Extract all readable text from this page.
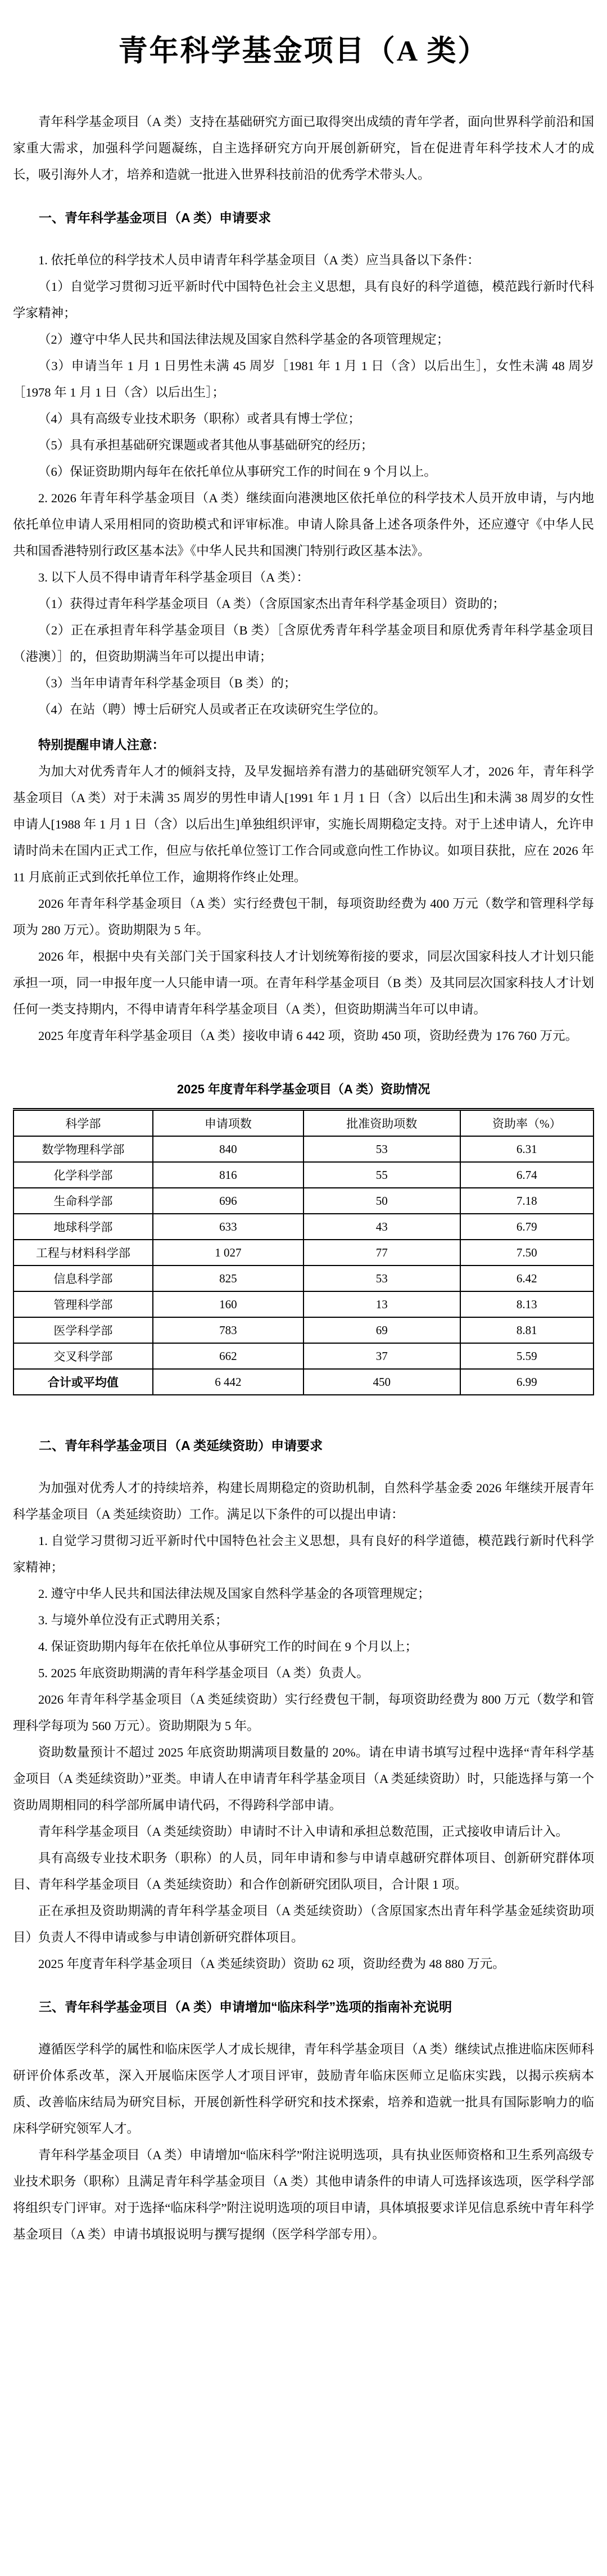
青年科学基金项目（A 类）

青年科学基金项目（A 类）支持在基础研究方面已取得突出成绩的青年学者，面向世界科学前沿和国家重大需求，加强科学问题凝练，自主选择研究方向开展创新研究，旨在促进青年科学技术人才的成长，吸引海外人才，培养和造就一批进入世界科技前沿的优秀学术带头人。

一、青年科学基金项目（A 类）申请要求

1. 依托单位的科学技术人员申请青年科学基金项目（A 类）应当具备以下条件：

（1）自觉学习贯彻习近平新时代中国特色社会主义思想，具有良好的科学道德，模范践行新时代科学家精神；

（2）遵守中华人民共和国法律法规及国家自然科学基金的各项管理规定；

（3）申请当年 1 月 1 日男性未满 45 周岁［1981 年 1 月 1 日（含）以后出生］，女性未满 48 周岁［1978 年 1 月 1 日（含）以后出生］；

（4）具有高级专业技术职务（职称）或者具有博士学位；

（5）具有承担基础研究课题或者其他从事基础研究的经历；

（6）保证资助期内每年在依托单位从事研究工作的时间在 9 个月以上。

2. 2026 年青年科学基金项目（A 类）继续面向港澳地区依托单位的科学技术人员开放申请，与内地依托单位申请人采用相同的资助模式和评审标准。申请人除具备上述各项条件外，还应遵守《中华人民共和国香港特别行政区基本法》《中华人民共和国澳门特别行政区基本法》。

3. 以下人员不得申请青年科学基金项目（A 类）：

（1）获得过青年科学基金项目（A 类）（含原国家杰出青年科学基金项目）资助的；

（2）正在承担青年科学基金项目（B 类）［含原优秀青年科学基金项目和原优秀青年科学基金项目（港澳）］的，但资助期满当年可以提出申请；

（3）当年申请青年科学基金项目（B 类）的；

（4）在站（聘）博士后研究人员或者正在攻读研究生学位的。

特别提醒申请人注意：

为加大对优秀青年人才的倾斜支持，及早发掘培养有潜力的基础研究领军人才，2026 年，青年科学基金项目（A 类）对于未满 35 周岁的男性申请人[1991 年 1 月 1 日（含）以后出生]和未满 38 周岁的女性申请人[1988 年 1 月 1 日（含）以后出生]单独组织评审，实施长周期稳定支持。对于上述申请人，允许申请时尚未在国内正式工作，但应与依托单位签订工作合同或意向性工作协议。如项目获批，应在 2026 年 11 月底前正式到依托单位工作，逾期将作终止处理。

2026 年青年科学基金项目（A 类）实行经费包干制，每项资助经费为 400 万元（数学和管理科学每项为 280 万元）。资助期限为 5 年。

2026 年，根据中央有关部门关于国家科技人才计划统筹衔接的要求，同层次国家科技人才计划只能承担一项，同一申报年度一人只能申请一项。在青年科学基金项目（B 类）及其同层次国家科技人才计划任何一类支持期内，不得申请青年科学基金项目（A 类），但资助期满当年可以申请。

2025 年度青年科学基金项目（A 类）接收申请 6 442 项，资助 450 项，资助经费为 176 760 万元。

2025 年度青年科学基金项目（A 类）资助情况

科学部	申请项数	批准资助项数	资助率（%）
数学物理科学部	840	53	6.31
化学科学部	816	55	6.74
生命科学部	696	50	7.18
地球科学部	633	43	6.79
工程与材料科学部	1 027	77	7.50
信息科学部	825	53	6.42
管理科学部	160	13	8.13
医学科学部	783	69	8.81
交叉科学部	662	37	5.59
合计或平均值	6 442	450	6.99
二、青年科学基金项目（A 类延续资助）申请要求

为加强对优秀人才的持续培养，构建长周期稳定的资助机制，自然科学基金委 2026 年继续开展青年科学基金项目（A 类延续资助）工作。满足以下条件的可以提出申请：

1. 自觉学习贯彻习近平新时代中国特色社会主义思想，具有良好的科学道德，模范践行新时代科学家精神；

2. 遵守中华人民共和国法律法规及国家自然科学基金的各项管理规定；

3. 与境外单位没有正式聘用关系；

4. 保证资助期内每年在依托单位从事研究工作的时间在 9 个月以上；

5. 2025 年底资助期满的青年科学基金项目（A 类）负责人。

2026 年青年科学基金项目（A 类延续资助）实行经费包干制，每项资助经费为 800 万元（数学和管理科学每项为 560 万元）。资助期限为 5 年。

资助数量预计不超过 2025 年底资助期满项目数量的 20%。请在申请书填写过程中选择“青年科学基金项目（A 类延续资助）”亚类。申请人在申请青年科学基金项目（A 类延续资助）时，只能选择与第一个资助周期相同的科学部所属申请代码，不得跨科学部申请。

青年科学基金项目（A 类延续资助）申请时不计入申请和承担总数范围，正式接收申请后计入。

具有高级专业技术职务（职称）的人员，同年申请和参与申请卓越研究群体项目、创新研究群体项目、青年科学基金项目（A 类延续资助）和合作创新研究团队项目，合计限 1 项。

正在承担及资助期满的青年科学基金项目（A 类延续资助）（含原国家杰出青年科学基金延续资助项目）负责人不得申请或参与申请创新研究群体项目。

2025 年度青年科学基金项目（A 类延续资助）资助 62 项，资助经费为 48 880 万元。

三、青年科学基金项目（A 类）申请增加“临床科学”选项的指南补充说明

遵循医学科学的属性和临床医学人才成长规律，青年科学基金项目（A 类）继续试点推进临床医师科研评价体系改革，深入开展临床医学人才项目评审，鼓励青年临床医师立足临床实践，以揭示疾病本质、改善临床结局为研究目标，开展创新性科学研究和技术探索，培养和造就一批具有国际影响力的临床科学研究领军人才。

青年科学基金项目（A 类）申请增加“临床科学”附注说明选项，具有执业医师资格和卫生系列高级专业技术职务（职称）且满足青年科学基金项目（A 类）其他申请条件的申请人可选择该选项，医学科学部将组织专门评审。对于选择“临床科学”附注说明选项的项目申请，具体填报要求详见信息系统中青年科学基金项目（A 类）申请书填报说明与撰写提纲（医学科学部专用）。
